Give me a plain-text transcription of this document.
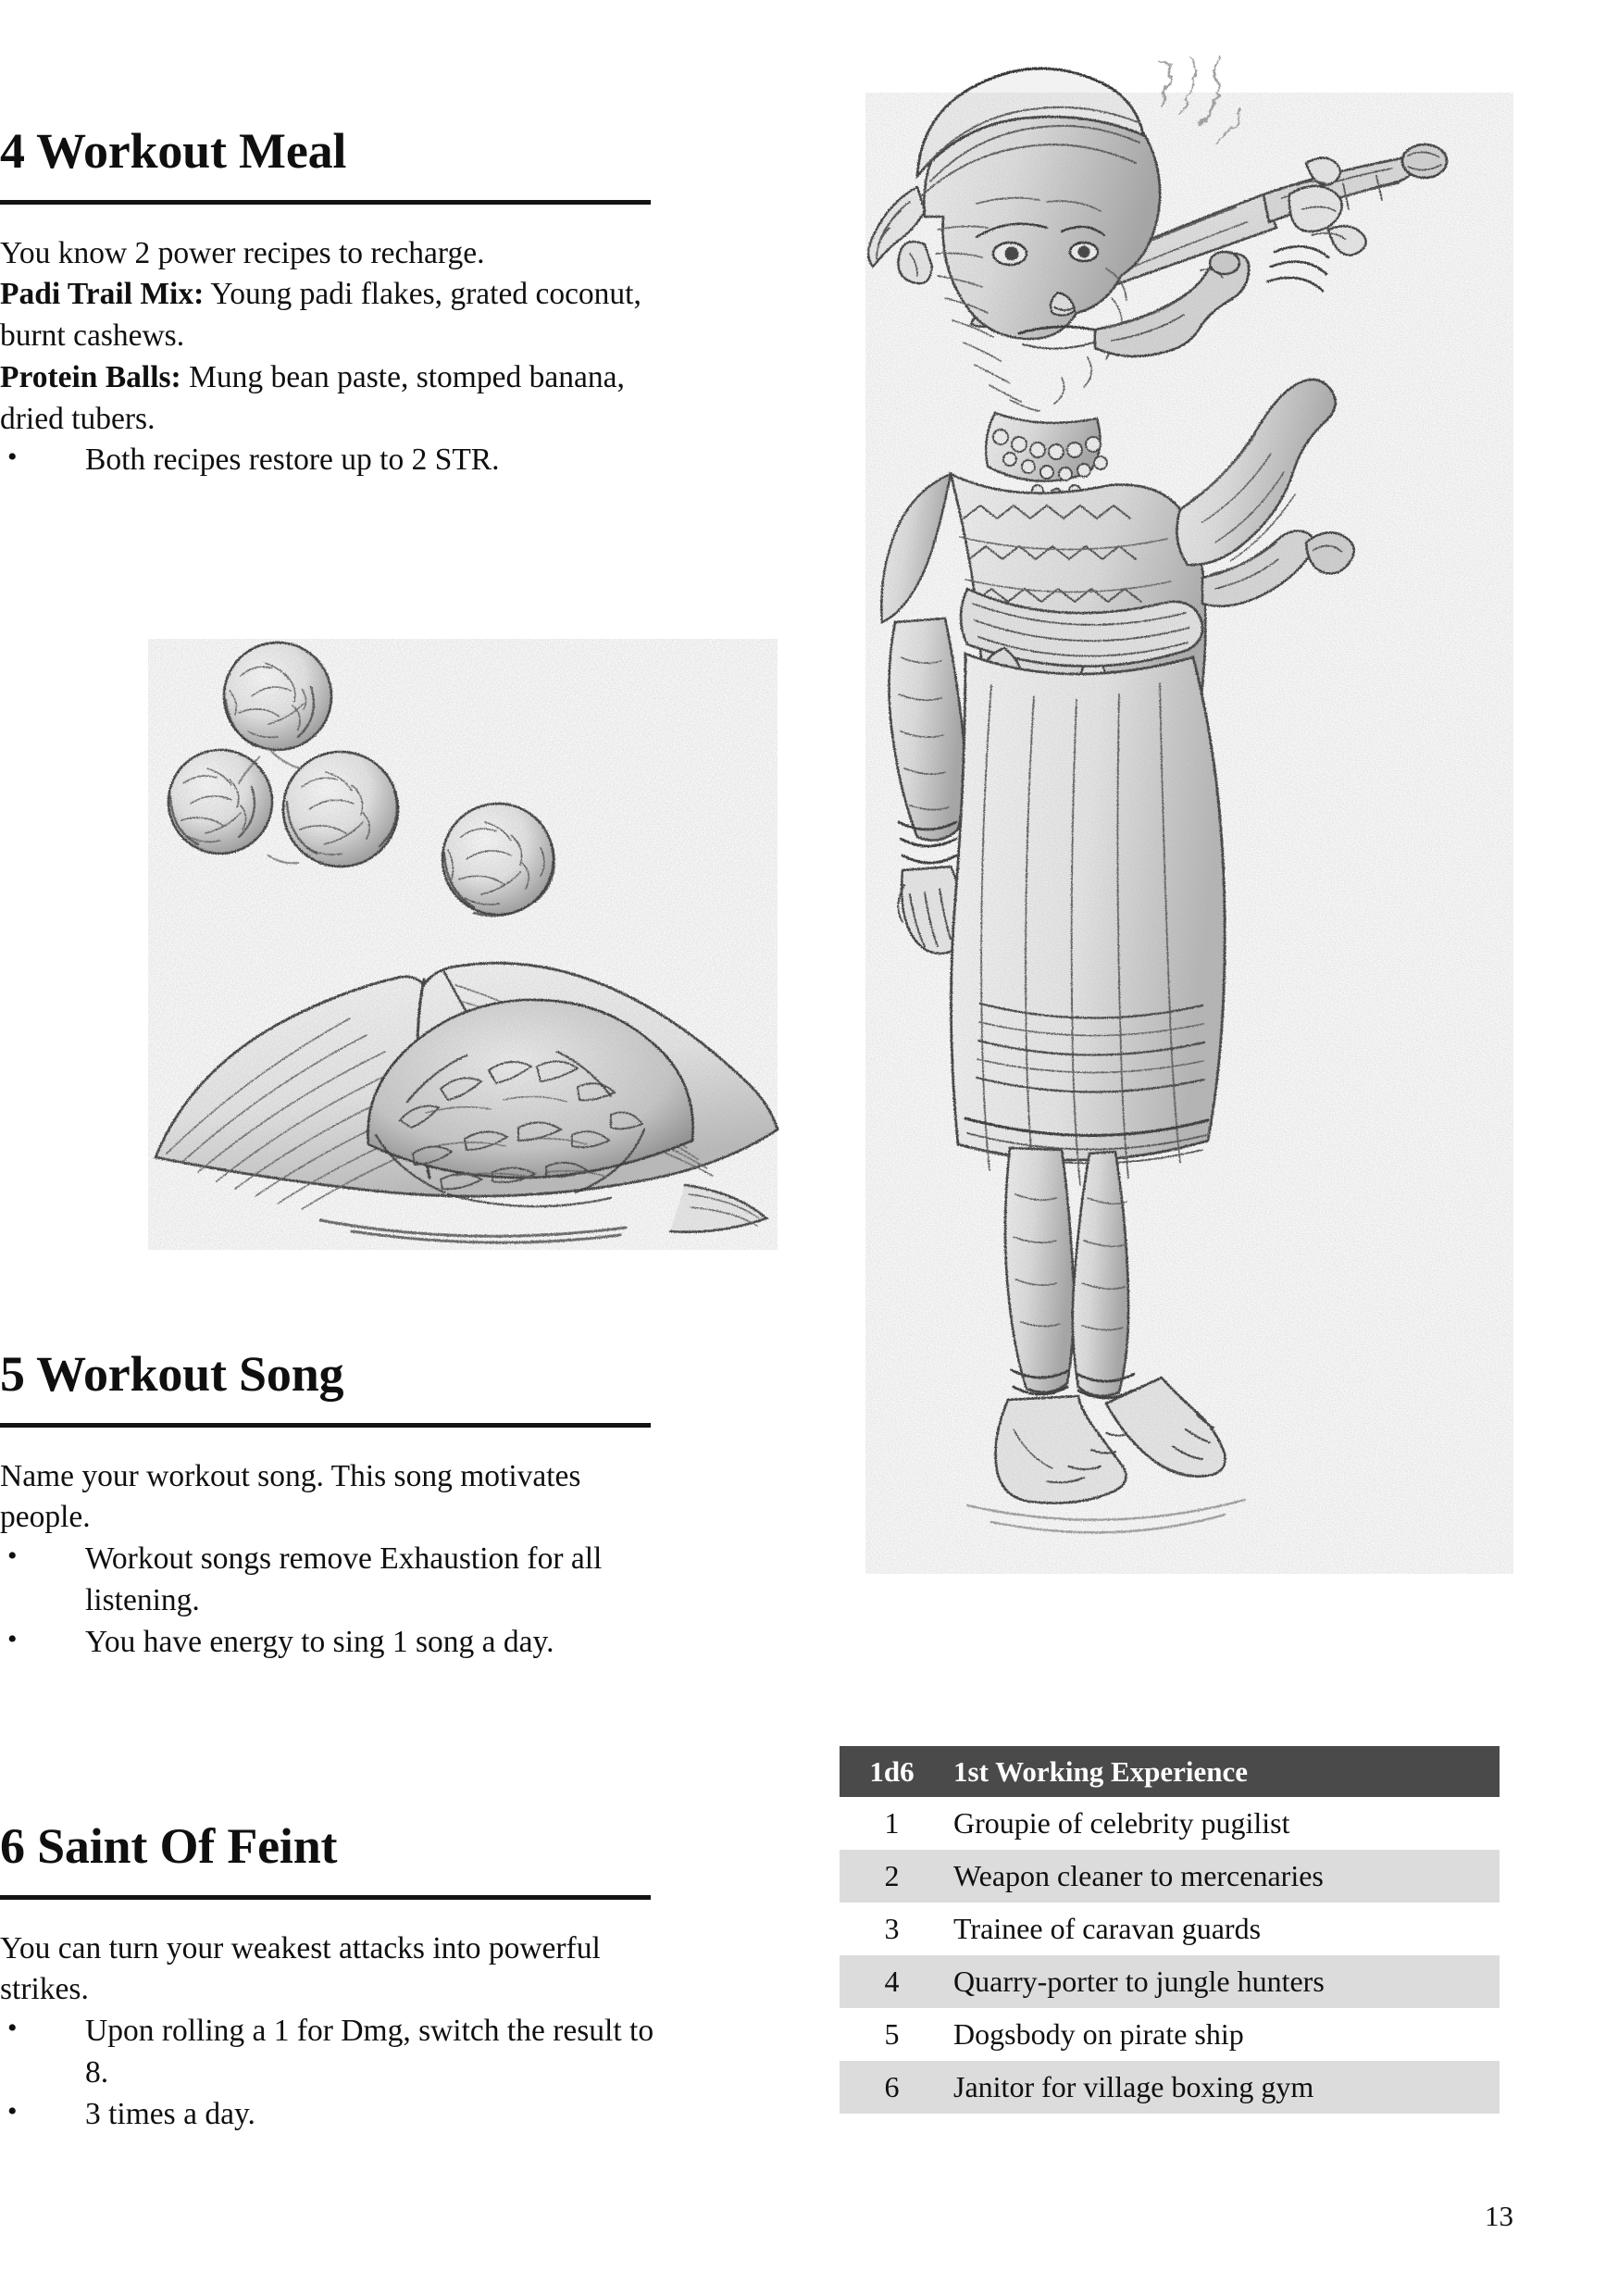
4 Workout Meal

You know 2 power recipes to recharge.

Padi Trail Mix: Young padi flakes, grated coconut, burnt cashews.

Protein Balls: Mung bean paste, stomped banana, dried tubers.

• Both recipes restore up to 2 STR.
5 Workout Song

Name your workout song. This song motivates people.

• Workout songs remove Exhaustion for all listening.
• You have energy to sing 1 song a day.
6 Saint Of Feint

You can turn your weakest attacks into powerful strikes.

• Upon rolling a 1 for Dmg, switch the result to 8.
• 3 times a day.
1d6	1st Working Experience
1	Groupie of celebrity pugilist
2	Weapon cleaner to mercenaries
3	Trainee of caravan guards
4	Quarry-porter to jungle hunters
5	Dogsbody on pirate ship
6	Janitor for village boxing gym
13
